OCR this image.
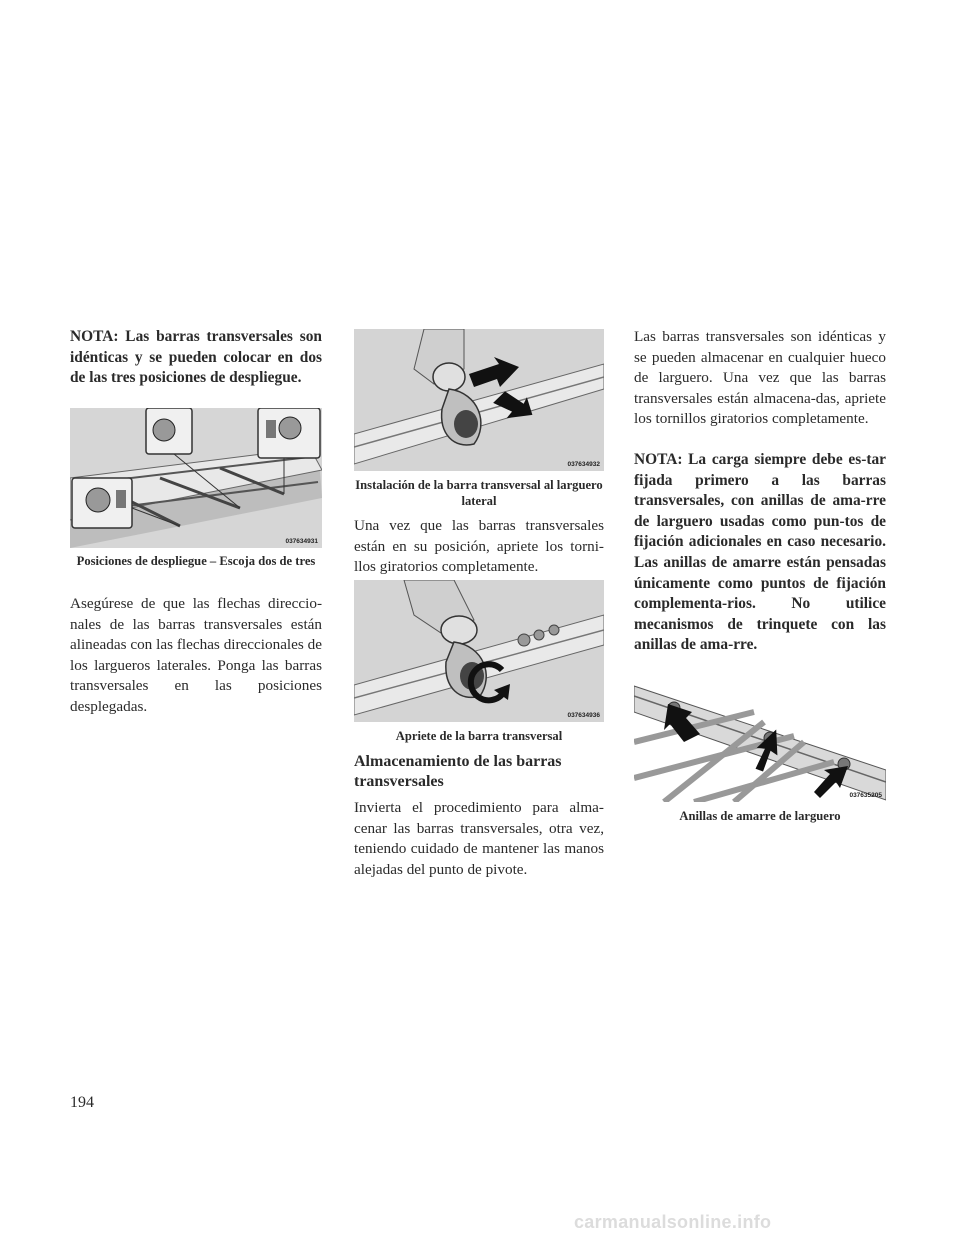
NOTA: Las barras transversales son idénticas y se pueden colocar en dos de las tres posiciones de despliegue.

037634931
Posiciones de despliegue – Escoja dos de tres

Asegúrese de que las flechas direccio-nales de las barras transversales están alineadas con las flechas direccionales de los largueros laterales. Ponga las barras transversales en las posiciones desplegadas.

037634932
Instalación de la barra transversal al larguero lateral

Una vez que las barras transversales están en su posición, apriete los torni-llos giratorios completamente.

037634936
Apriete de la barra transversal
Almacenamiento de las barras transversales

Invierta el procedimiento para alma-cenar las barras transversales, otra vez, teniendo cuidado de mantener las manos alejadas del punto de pivote.

Las barras transversales son idénticas y se pueden almacenar en cualquier hueco de larguero. Una vez que las barras transversales están almacena-das, apriete los tornillos giratorios completamente.

NOTA: La carga siempre debe es-tar fijada primero a las barras transversales, con anillas de ama-rre de larguero usadas como pun-tos de fijación adicionales en caso necesario. Las anillas de amarre están pensadas únicamente como puntos de fijación complementa-rios. No utilice mecanismos de trinquete con las anillas de ama-rre.

037635205
Anillas de amarre de larguero
194
carmanualsonline.info
